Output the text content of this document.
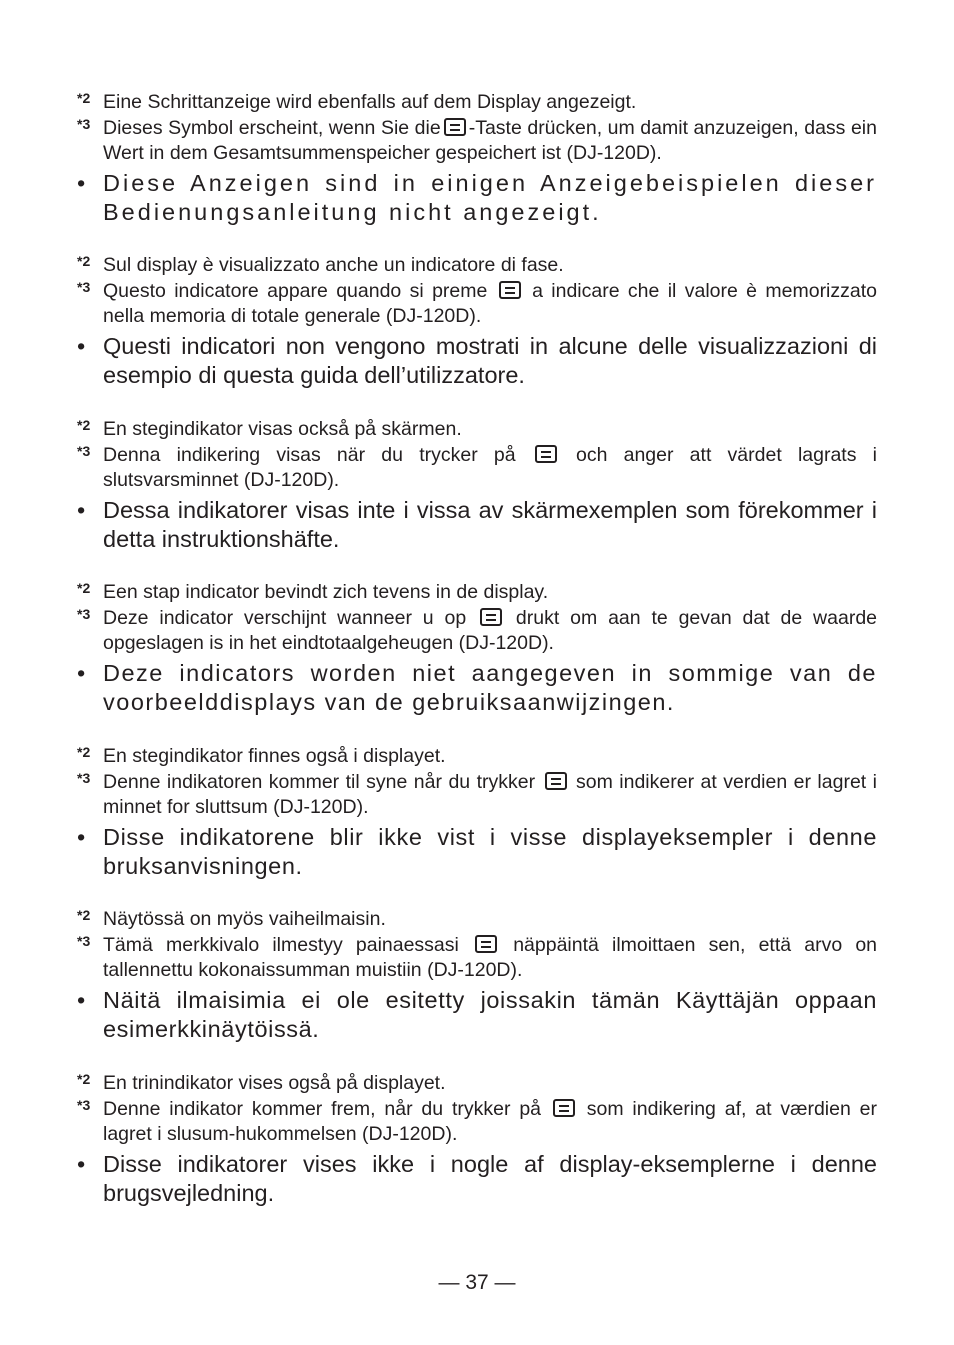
*2 Eine Schrittanzeige wird ebenfalls auf dem Display angezeigt.
*3 Dieses Symbol erscheint, wenn Sie die -Taste drücken, um damit anzuzeigen, dass ein Wert in dem Gesamtsummenspeicher gespeichert ist (DJ-120D).
• Diese Anzeigen sind in einigen Anzeigebeispielen dieser Bedienungsanleitung nicht angezeigt.
*2 Sul display è visualizzato anche un indicatore di fase.
*3 Questo indicatore appare quando si preme a indicare che il valore è memorizzato nella memoria di totale generale (DJ-120D).
• Questi indicatori non vengono mostrati in alcune delle visualizzazioni di esempio di questa guida dell’utilizzatore.
*2 En stegindikator visas också på skärmen.
*3 Denna indikering visas när du trycker på	och anger att värdet lagrats i slutsvarsminnet (DJ-120D).
• Dessa indikatorer visas inte i vissa av skärmexemplen som förekommer i detta instruktionshäfte.
*2 Een stap indicator bevindt zich tevens in de display.
*3 Deze indicator verschijnt wanneer u op	drukt om aan te gevan dat de waarde opgeslagen is in het eindtotaalgeheugen (DJ-120D).
• Deze indicators worden niet aangegeven in sommige van de voorbeelddisplays van de gebruiksaanwijzingen.
*2 En stegindikator finnes også i displayet.
*3 Denne indikatoren kommer til syne når du trykker som indikerer at verdien er lagret i minnet for sluttsum (DJ-120D).
• Disse indikatorene blir ikke vist i visse displayeksempler i denne bruksanvisningen.
*2 Näytössä on myös vaiheilmaisin.
*3 Tämä merkkivalo ilmestyy painaessasi	näppäintä ilmoittaen sen, että arvo on tallennettu kokonaissumman muistiin (DJ-120D).
• Näitä ilmaisimia ei ole esitetty joissakin tämän Käyttäjän oppaan esimerkkinäytöissä.
*2 En trinindikator vises også på displayet.
*3 Denne indikator kommer frem, når du trykker på som indikering af, at værdien er lagret i slusum-hukommelsen (DJ-120D).
• Disse indikatorer vises ikke i nogle af display-eksemplerne i denne brugsvejledning.
— 37 —
